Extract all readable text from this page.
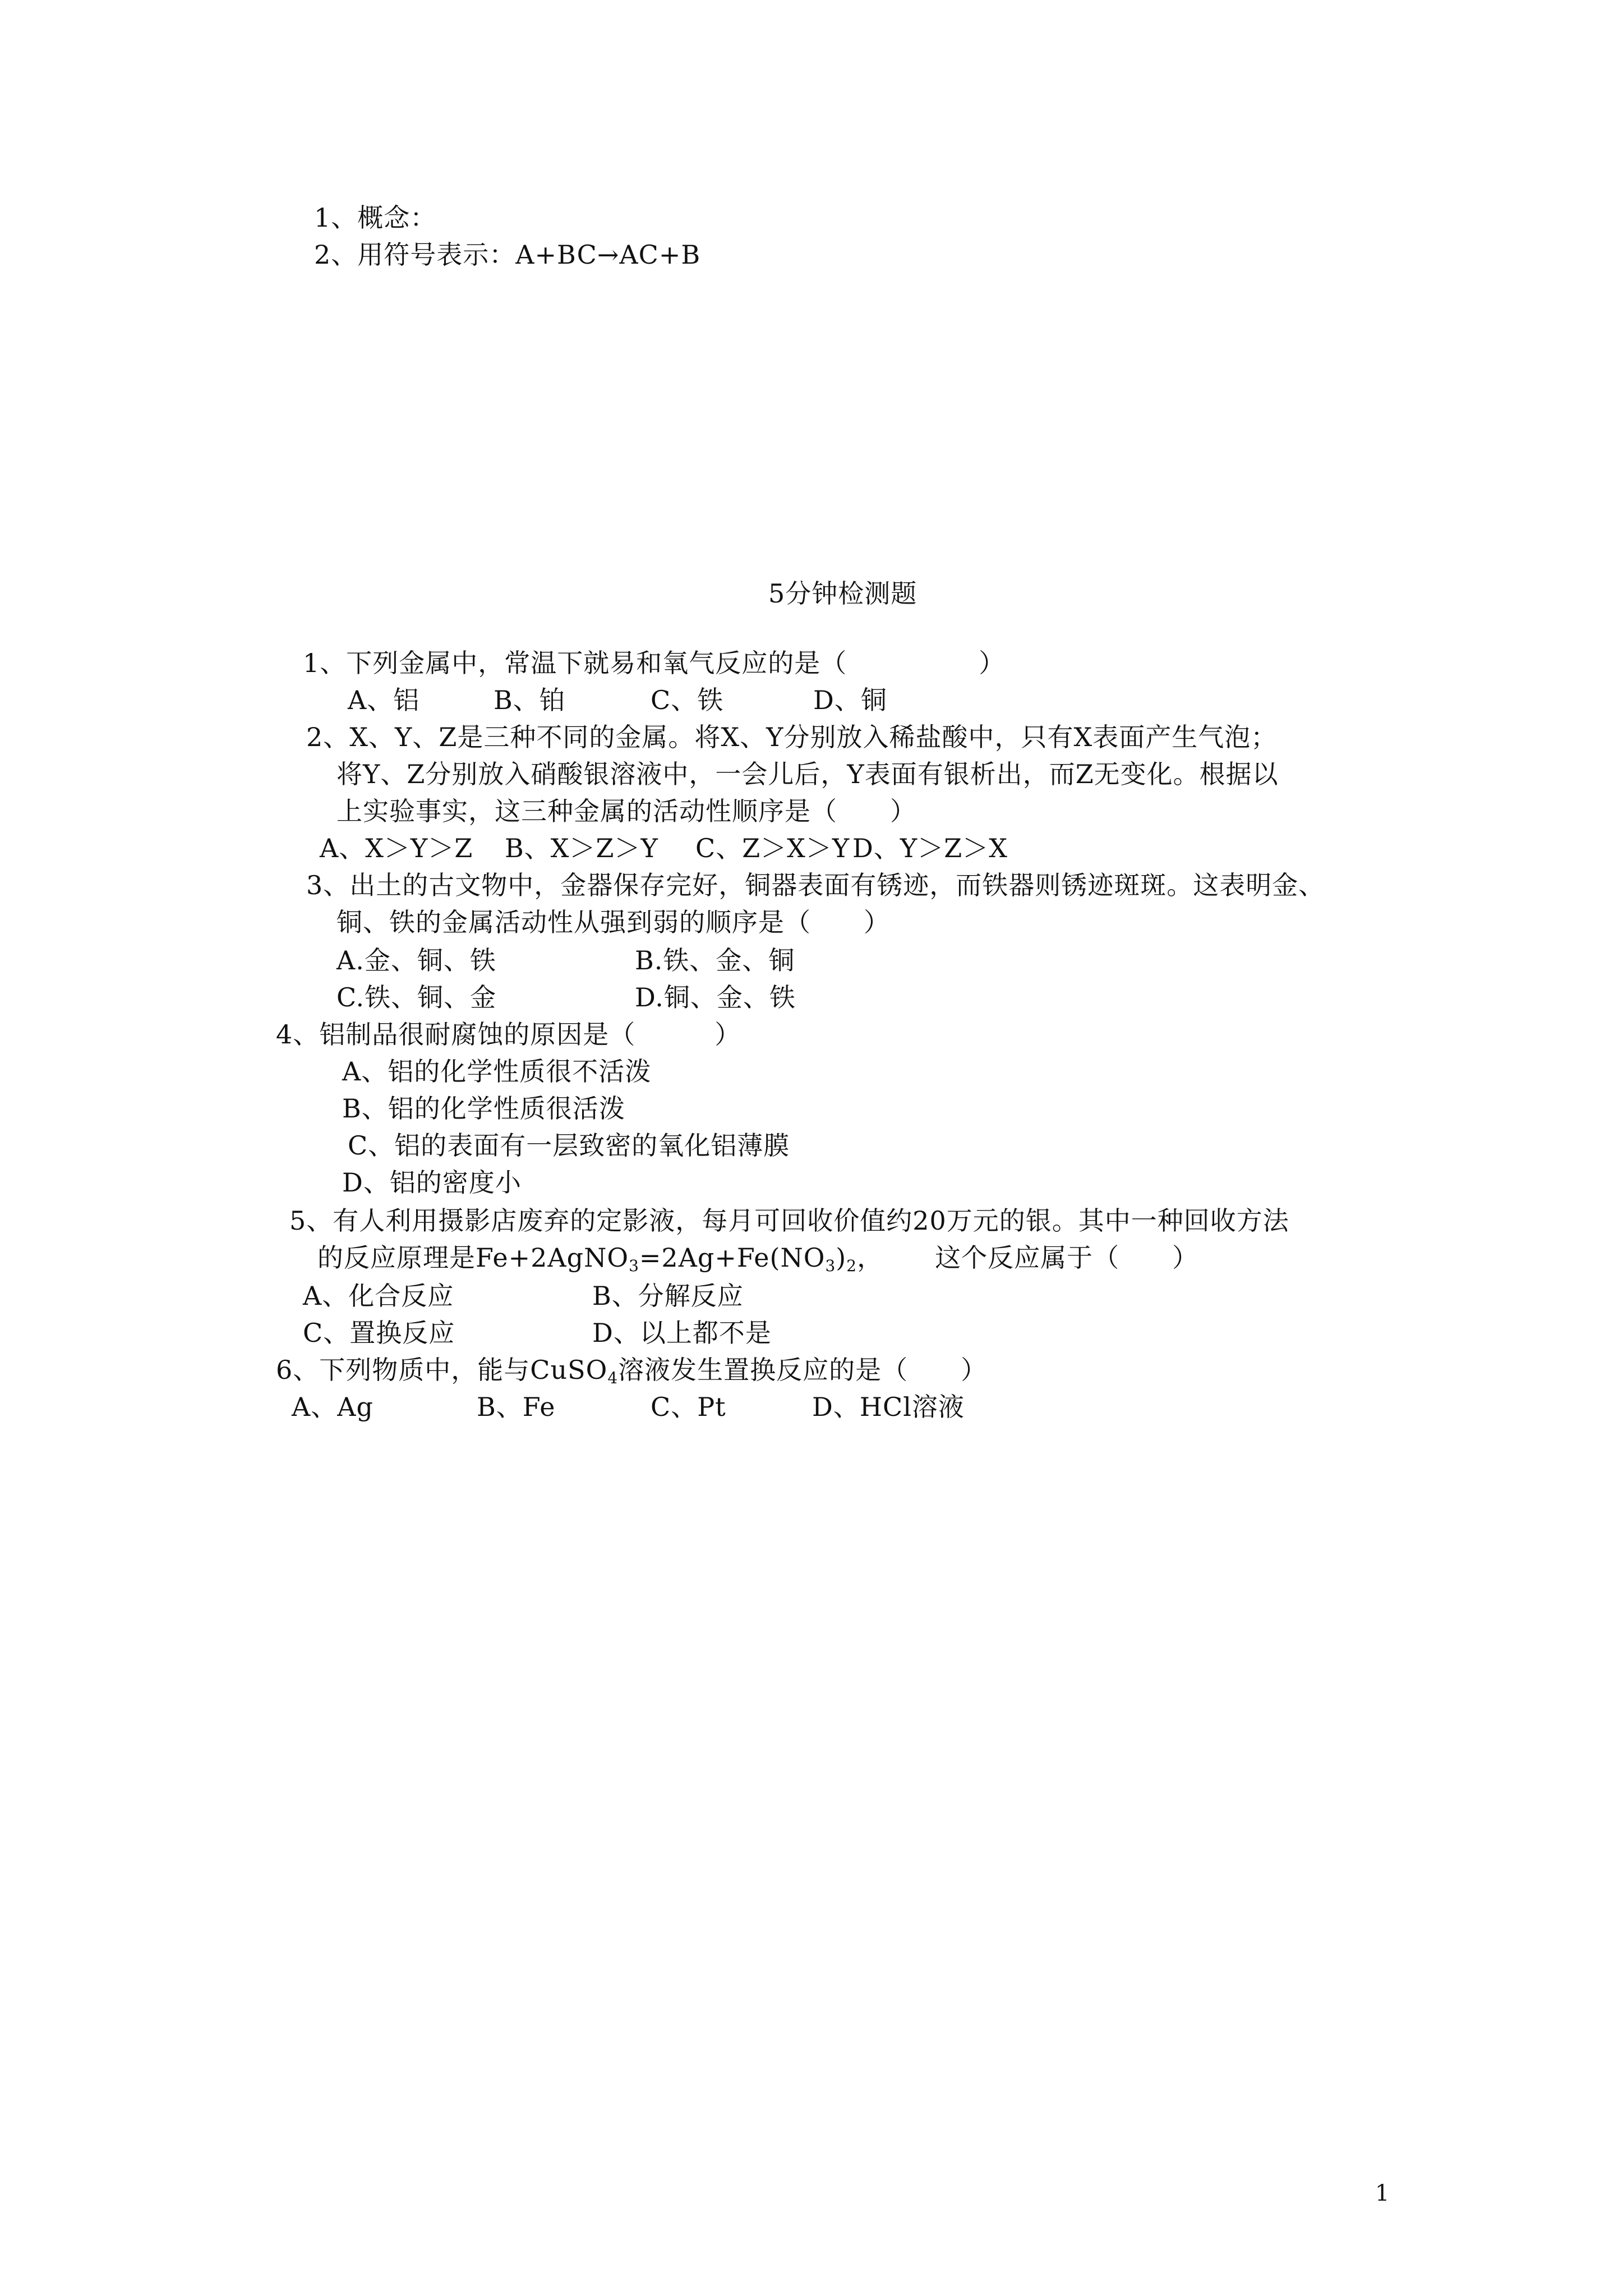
1、概念：
2、用符号表示：A+BC→AC+B
5分钟检测题
1、下列金属中，常温下就易和氧气反应的是（　　　　　）
A、铝	B、铂	C、铁	D、铜
2、X、Y、Z是三种不同的金属。将X、Y分别放入稀盐酸中，只有X表面产生气泡；
将Y、Z分别放入硝酸银溶液中，一会儿后，Y表面有银析出，而Z无变化。根据以
上实验事实，这三种金属的活动性顺序是（　　）
A、X＞Y＞Z B、X＞Z＞Y C、Z＞X＞Y D、Y＞Z＞X
3、出土的古文物中，金器保存完好，铜器表面有锈迹，而铁器则锈迹斑斑。这表明金、
铜、铁的金属活动性从强到弱的顺序是（　　）
A.金、铜、铁	B.铁、金、铜
C.铁、铜、金	D.铜、金、铁
4、铝制品很耐腐蚀的原因是（　　　）
A、铝的化学性质很不活泼
B、铝的化学性质很活泼
C、铝的表面有一层致密的氧化铝薄膜
D、铝的密度小
5、有人利用摄影店废弃的定影液，每月可回收价值约20万元的银。其中一种回收方法
的反应原理是$Fe+2AgNO_3=2Ag+Fe(NO_3)_2$， 这个反应属于（　　）
A、化合反应	B、分解反应
C、置换反应	D、以上都不是
6、下列物质中，能与CuSO$_4$溶液发生置换反应的是（　　）
A、Ag	B、Fe	C、Pt	D、HCl溶液
1
